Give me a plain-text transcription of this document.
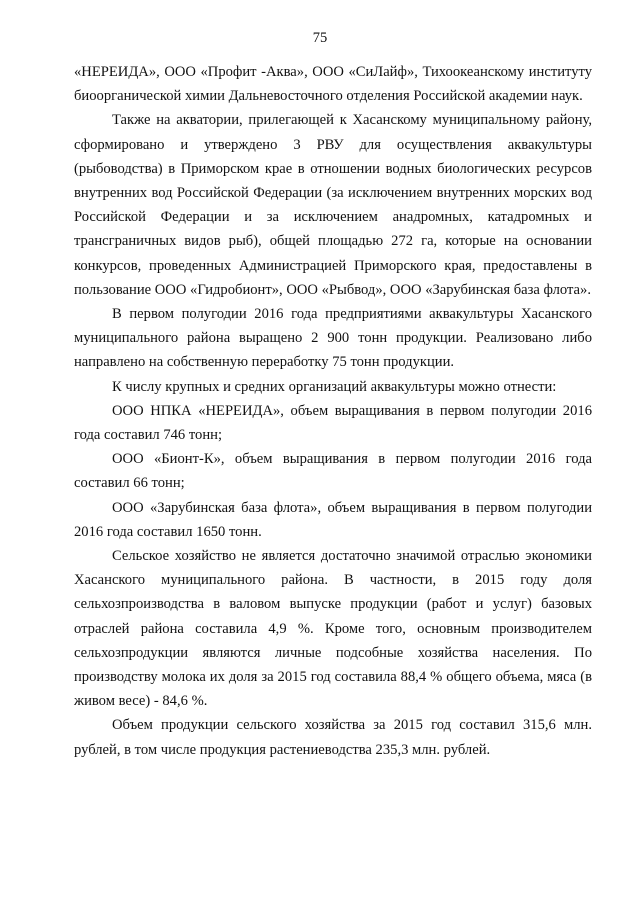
75

«НЕРЕИДА», ООО «Профит -Аква», ООО «СиЛайф», Тихоокеанскому институту биоорганической химии Дальневосточного отделения Российской академии наук.

Также на акватории, прилегающей к Хасанскому муниципальному району, сформировано и утверждено 3 РВУ для осуществления аквакультуры (рыбоводства) в Приморском крае в отношении водных биологических ресурсов внутренних вод Российской Федерации (за исключением внутренних морских вод Российской Федерации и за исключением анадромных, катадромных и трансграничных видов рыб), общей площадью 272 га, которые на основании конкурсов, проведенных Администрацией Приморского края, предоставлены в пользование ООО «Гидробионт», ООО «Рыбвод», ООО «Зарубинская база флота».

В первом полугодии 2016 года предприятиями аквакультуры Хасанского муниципального района выращено 2 900 тонн продукции. Реализовано либо направлено на собственную переработку 75 тонн продукции.

К числу крупных и средних организаций аквакультуры можно отнести:

ООО НПКА «НЕРЕИДА», объем выращивания в первом полугодии 2016 года составил 746 тонн;

ООО «Бионт-К», объем выращивания в первом полугодии 2016 года составил 66 тонн;

ООО «Зарубинская база флота», объем выращивания в первом полугодии 2016 года составил 1650 тонн.

Сельское хозяйство не является достаточно значимой отраслью экономики Хасанского муниципального района. В частности, в 2015 году доля сельхозпроизводства в валовом выпуске продукции (работ и услуг) базовых отраслей района составила 4,9 %. Кроме того, основным производителем сельхозпродукции являются личные подсобные хозяйства населения. По производству молока их доля за 2015 год составила 88,4 % общего объема, мяса (в живом весе) - 84,6 %.

Объем продукции сельского хозяйства за 2015 год составил 315,6 млн. рублей, в том числе продукция растениеводства 235,3 млн. рублей.
